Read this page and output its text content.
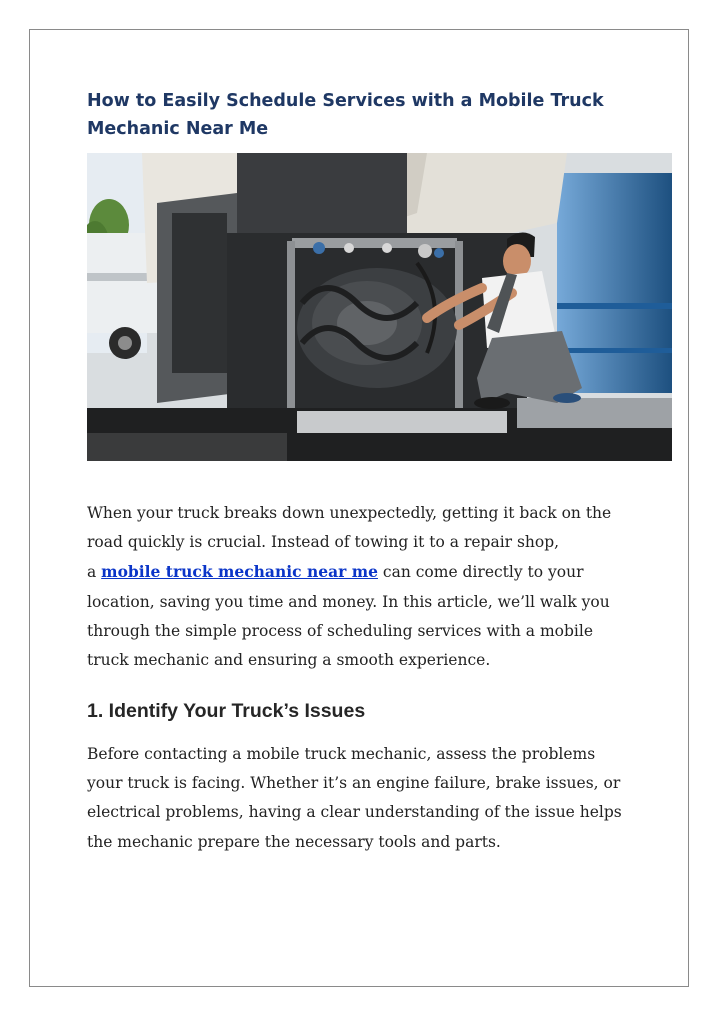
How to Easily Schedule Services with a Mobile Truck Mechanic Near Me

When your truck breaks down unexpectedly, getting it back on the
road quickly is crucial. Instead of towing it to a repair shop,
a mobile truck mechanic near me can come directly to your
location, saving you time and money. In this article, we’ll walk you
through the simple process of scheduling services with a mobile
truck mechanic and ensuring a smooth experience.

1. Identify Your Truck’s Issues

Before contacting a mobile truck mechanic, assess the problems
your truck is facing. Whether it’s an engine failure, brake issues, or
electrical problems, having a clear understanding of the issue helps
the mechanic prepare the necessary tools and parts.
